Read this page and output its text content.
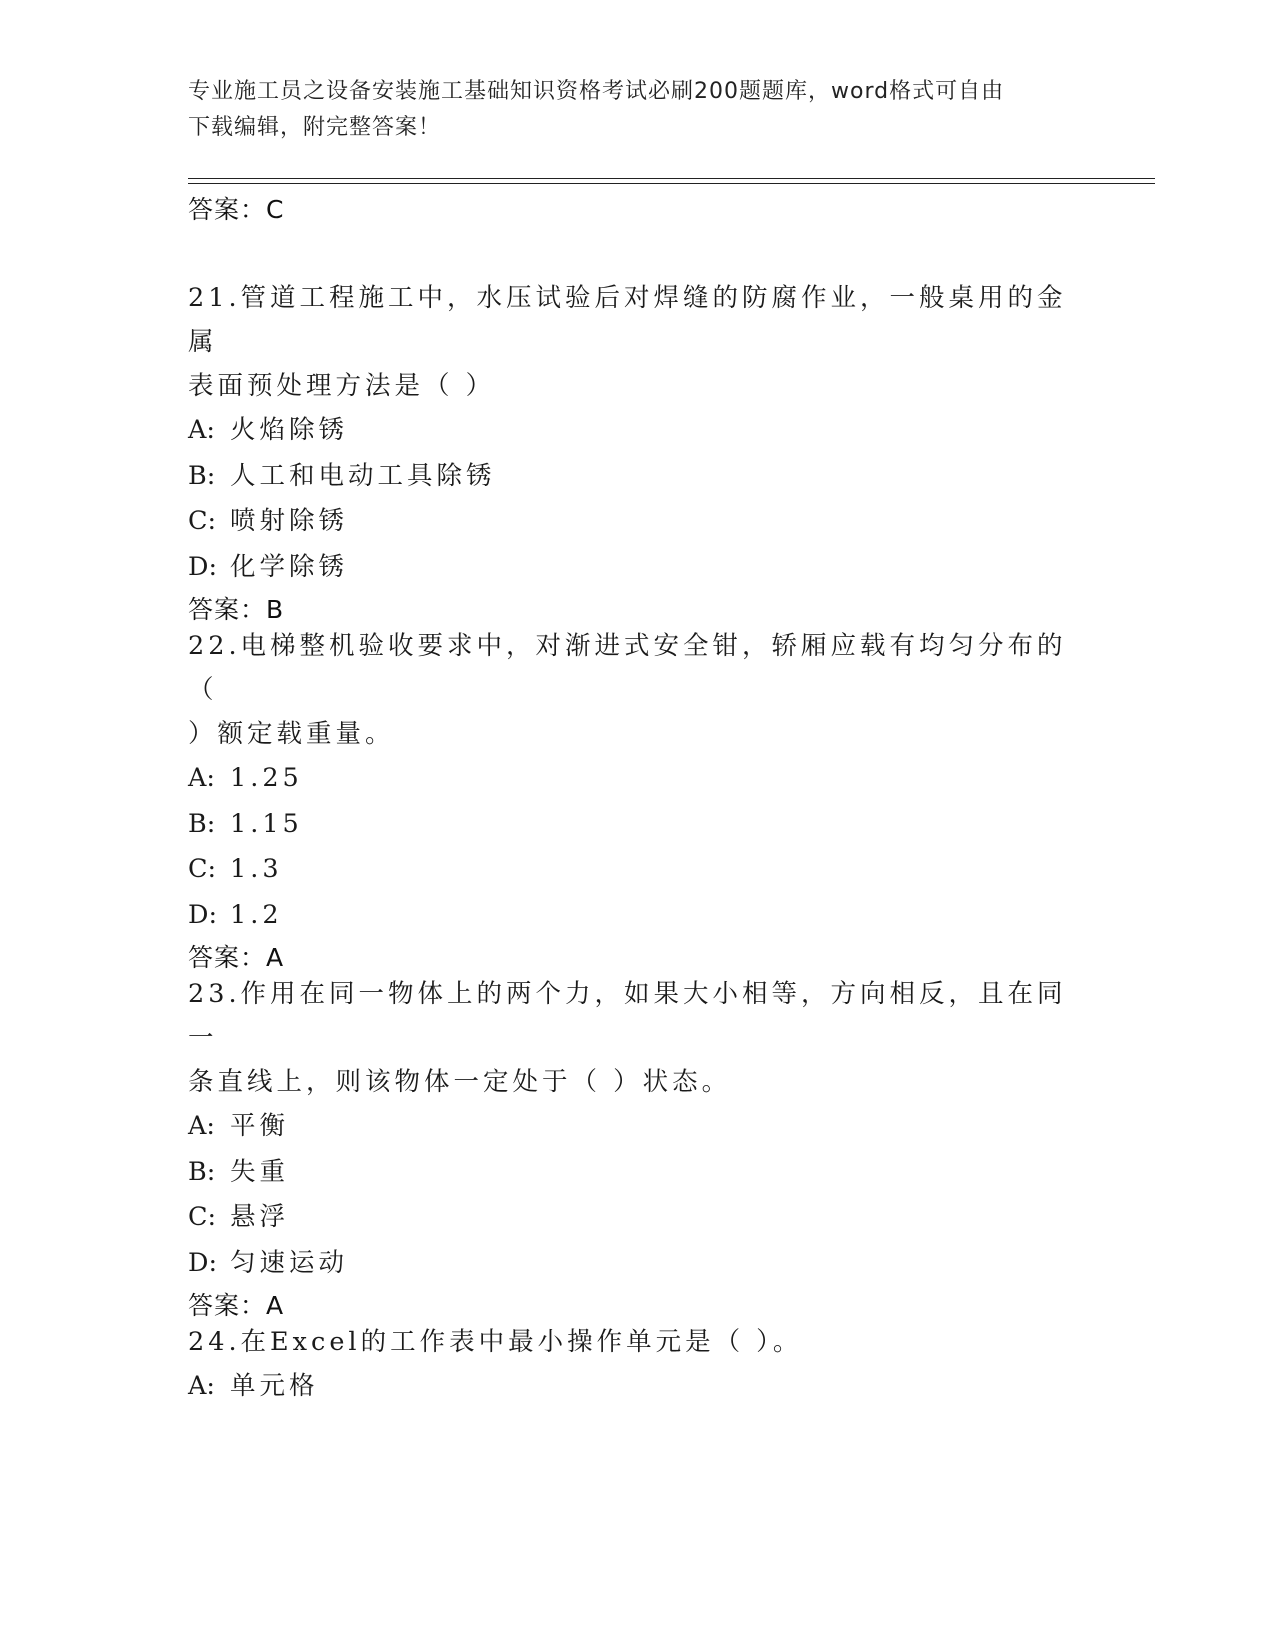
专业施工员之设备安装施工基础知识资格考试必刷200题题库，word格式可自由
下载编辑，附完整答案！
答案：C

21.管道工程施工中，水压试验后对焊缝的防腐作业，一般桌用的金属

表面预处理方法是（ ）

A: 火焰除锈
B: 人工和电动工具除锈
C: 喷射除锈
D: 化学除锈
答案：B

22.电梯整机验收要求中，对渐进式安全钳，轿厢应载有均匀分布的（

）额定载重量。

A: 1.25
B: 1.15
C: 1.3
D: 1.2
答案：A

23.作用在同一物体上的两个力，如果大小相等，方向相反，且在同一

条直线上，则该物体一定处于（ ）状态。

A: 平衡
B: 失重
C: 悬浮
D: 匀速运动
答案：A

24.在Excel的工作表中最小操作单元是（ ）。

A: 单元格
